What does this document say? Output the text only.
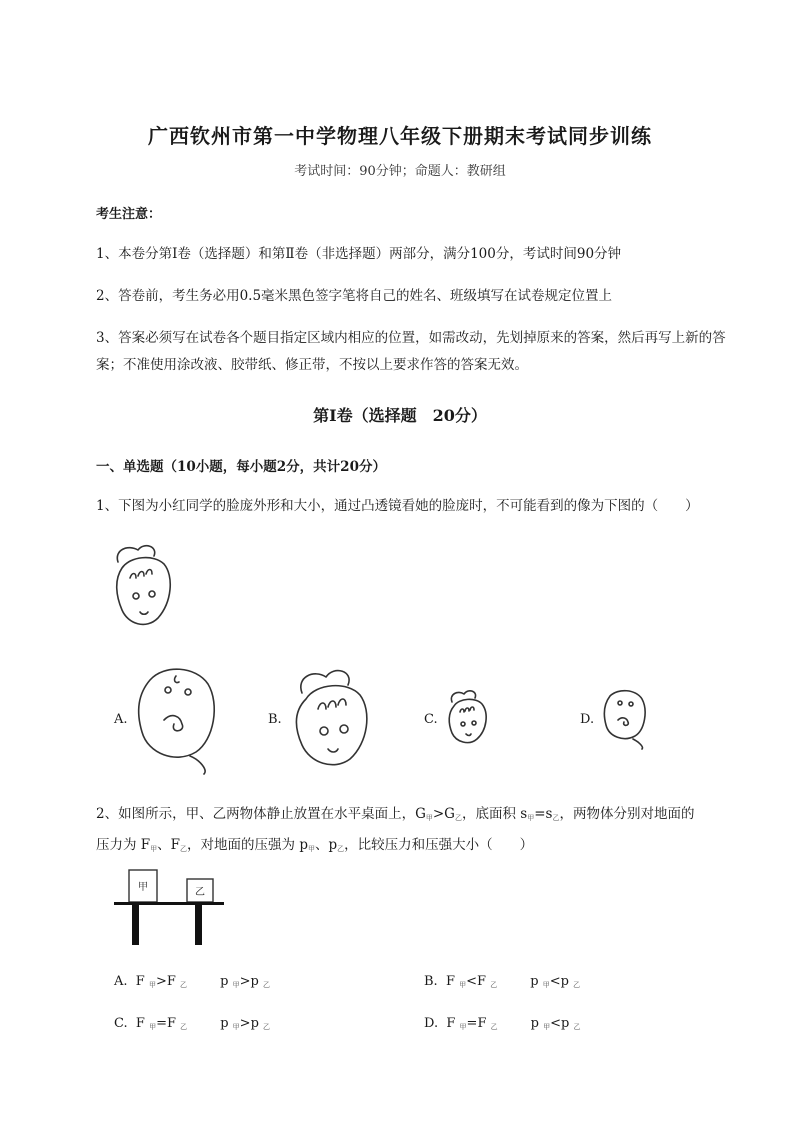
广西钦州市第一中学物理八年级下册期末考试同步训练
考试时间：90分钟；命题人：教研组
考生注意：
1、本卷分第I卷（选择题）和第Ⅱ卷（非选择题）两部分，满分100分，考试时间90分钟
2、答卷前，考生务必用0.5毫米黑色签字笔将自己的姓名、班级填写在试卷规定位置上
3、答案必须写在试卷各个题目指定区域内相应的位置，如需改动，先划掉原来的答案，然后再写上新的答案；不准使用涂改液、胶带纸、修正带，不按以上要求作答的答案无效。
第I卷（选择题　20分）
一、单选题（10小题，每小题2分，共计20分）
1、下图为小红同学的脸庞外形和大小，通过凸透镜看她的脸庞时，不可能看到的像为下图的（　　）
A.	B.	C.	D.
2、如图所示，甲、乙两物体静止放置在水平桌面上，$G_甲>G_乙$，底面积 $s_甲=s_乙$，两物体分别对地面的
压力为 $F_甲$、$F_乙$，对地面的压强为 $p_甲$、$p_乙$，比较压力和压强大小（　　）
甲	乙
A. F $_甲$>F $_乙$	p $_甲$>p $_乙$	B. F $_甲$<F $_乙$	p $_甲$<p $_乙$
C. F $_甲$=F $_乙$	p $_甲$>p $_乙$	D. F $_甲$=F $_乙$	p $_甲$<p $_乙$
